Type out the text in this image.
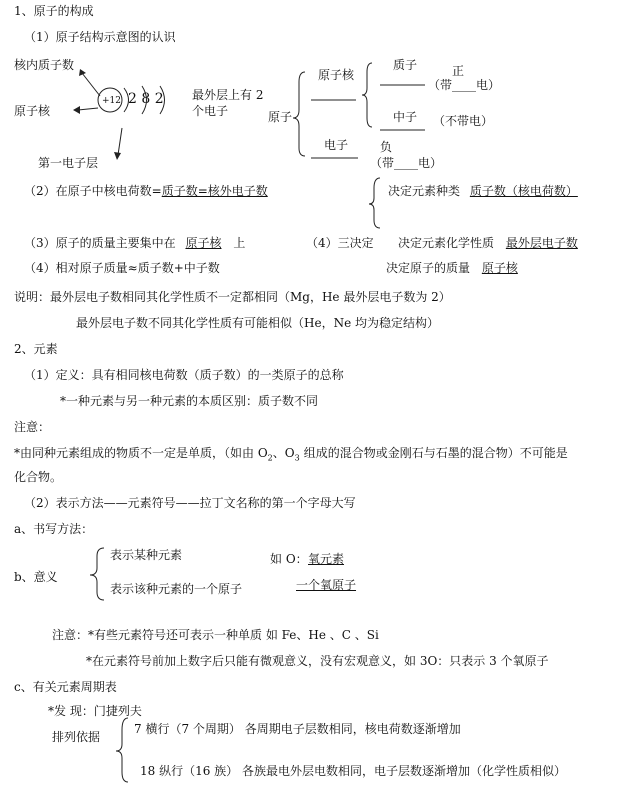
1、原子的构成
（1）原子结构示意图的认识
核内质子数
原子核
第一电子层
+12 2 8 2 最外层上有 2
个电子	原子
原子核
质子	正
（带____电）
中子 （不带电）
电子	负
（带____电）
（2）在原子中核电荷数=质子数=核外电子数	决定元素种类 质子数（核电荷数）
（3）原子的质量主要集中在 原子核 上	（4）三决定 决定元素化学性质 最外层电子数
（4）相对原子质量≈质子数+中子数	决定原子的质量 原子核
说明：最外层电子数相同其化学性质不一定都相同（Mg，He 最外层电子数为 2）
最外层电子数不同其化学性质有可能相似（He，Ne 均为稳定结构）
2、元素
（1）定义：具有相同核电荷数（质子数）的一类原子的总称
*一种元素与另一种元素的本质区别：质子数不同
注意：
*由同种元素组成的物质不一定是单质，（如由 $O_2$、$O_3$ 组成的混合物或金刚石与石墨的混合物）不可能是
化合物。
（2）表示方法——元素符号——拉丁文名称的第一个字母大写
a、书写方法：
b、意义
表示某种元素
表示该种元素的一个原子
如 O： 氧元素
一个氧原子
注意：*有些元素符号还可表示一种单质 如 Fe、He 、C 、Si
*在元素符号前加上数字后只能有微观意义，没有宏观意义，如 3O：只表示 3 个氧原子
c、有关元素周期表
*发 现：门捷列夫
排列依据
7 横行（7 个周期） 各周期电子层数相同，核电荷数逐渐增加
18 纵行（16 族） 各族最电外层电数相同，电子层数逐渐增加（化学性质相似）
